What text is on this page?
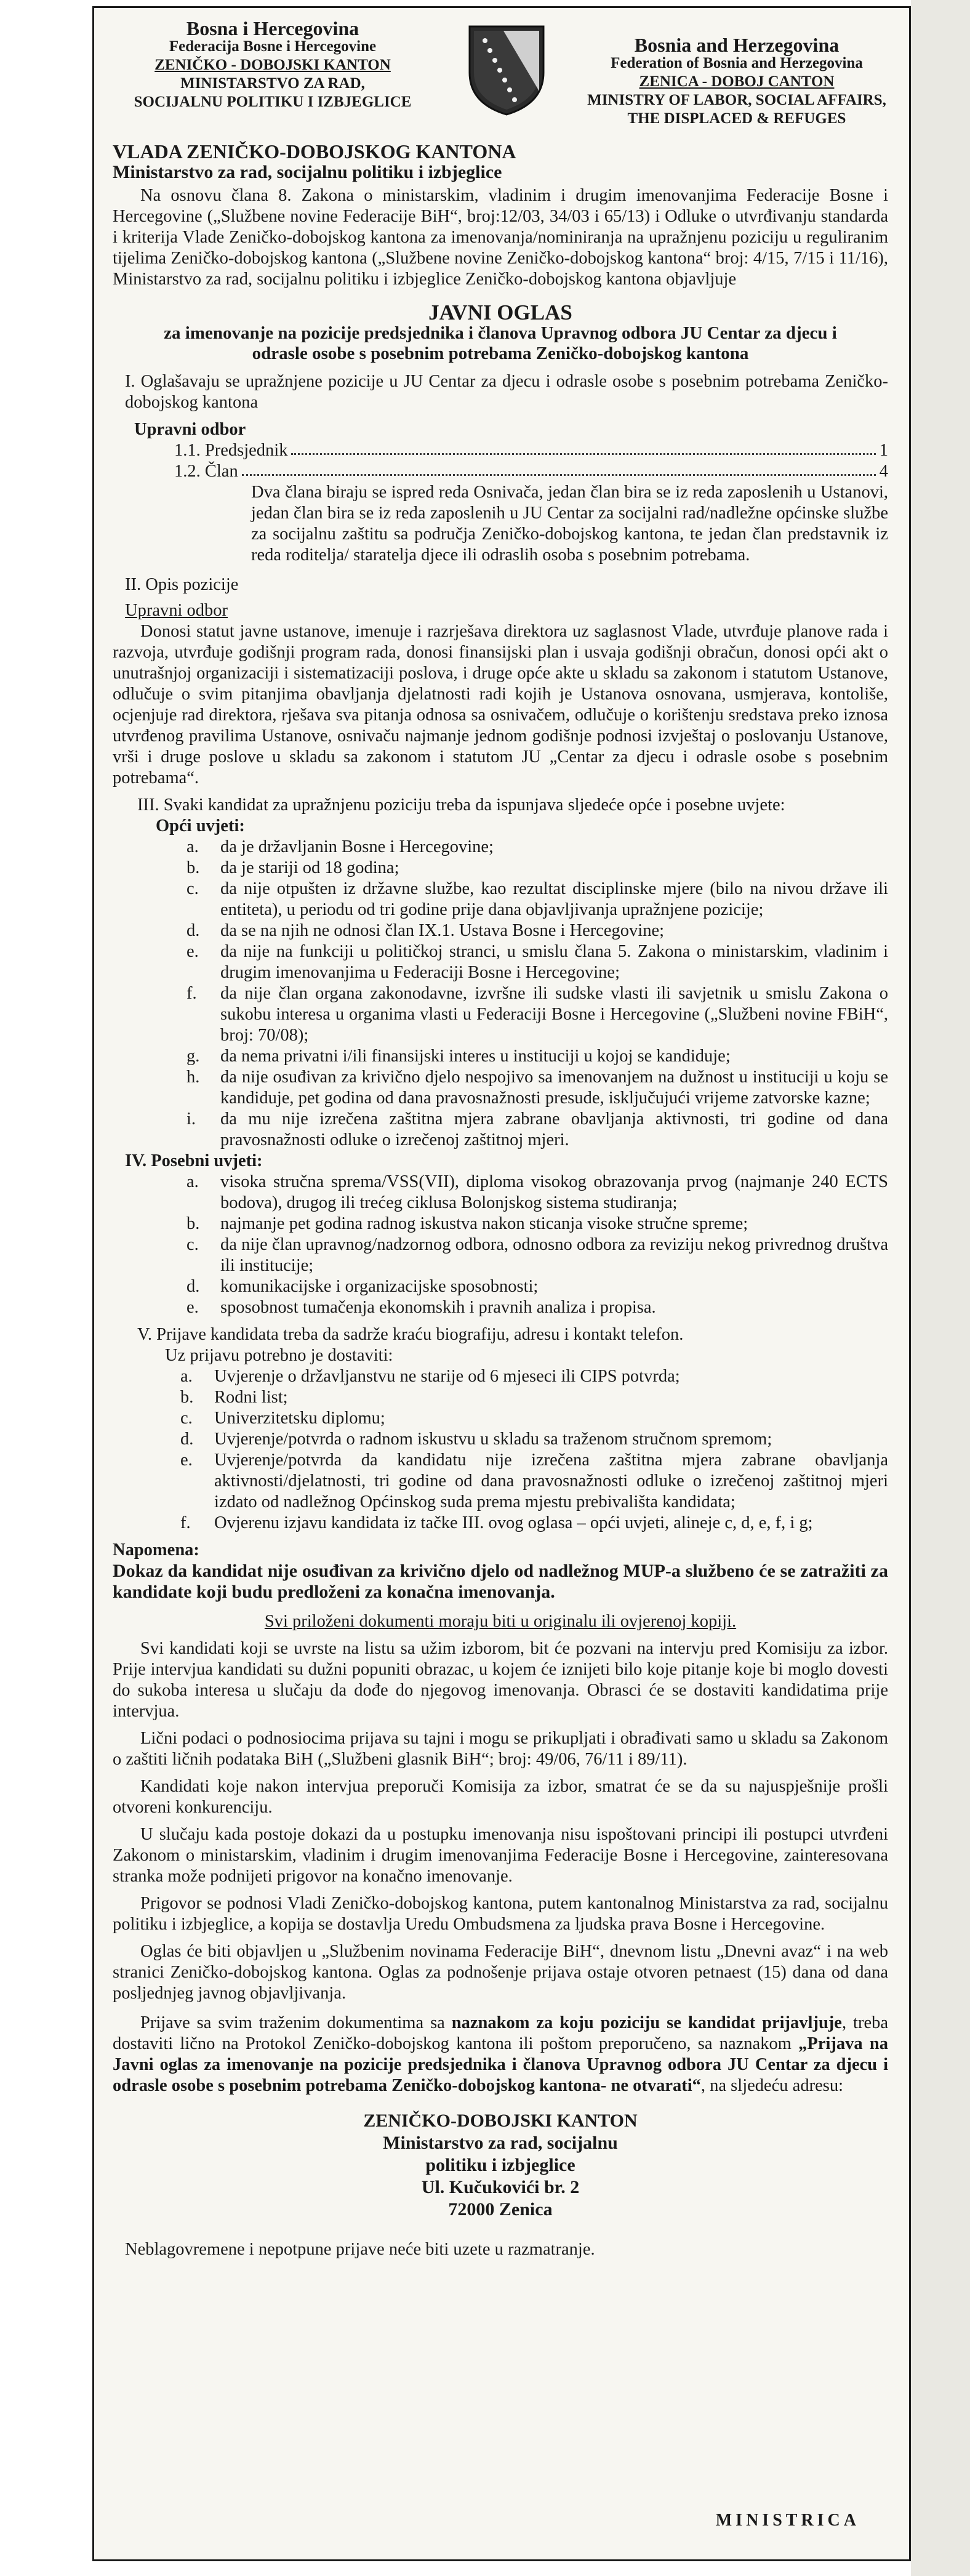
Bosna i Hercegovina
Federacija Bosne i Hercegovine
ZENIČKO - DOBOJSKI KANTON
MINISTARSTVO ZA RAD,
SOCIJALNU POLITIKU I IZBJEGLICE
Bosnia and Herzegovina
Federation of Bosnia and Herzegovina
ZENICA - DOBOJ CANTON
MINISTRY OF LABOR, SOCIAL AFFAIRS,
THE DISPLACED & REFUGES

VLADA ZENIČKO-DOBOJSKOG KANTONA

Ministarstvo za rad, socijalnu politiku i izbjeglice

Na osnovu člana 8. Zakona o ministarskim, vladinim i drugim imenovanjima Federacije Bosne i Hercegovine („Službene novine Federacije BiH“, broj:12/03, 34/03 i 65/13) i Odluke o utvrđivanju standarda i kriterija Vlade Zeničko-dobojskog kantona za imenovanja/nominiranja na upražnjenu poziciju u reguliranim tijelima Zeničko-dobojskog kantona („Službene novine Zeničko-dobojskog kantona“ broj: 4/15, 7/15 i 11/16), Ministarstvo za rad, socijalnu politiku i izbjeglice Zeničko-dobojskog kantona objavljuje

JAVNI OGLAS

za imenovanje na pozicije predsjednika i članova Upravnog odbora JU Centar za djecu i odrasle osobe s posebnim potrebama Zeničko-dobojskog kantona

I. Oglašavaju se upražnjene pozicije u JU Centar za djecu i odrasle osobe s posebnim potrebama Zeničko-dobojskog kantona

Upravni odbor

1.1. Predsjednik	1
1.2. Član	4

Dva člana biraju se ispred reda Osnivača, jedan član bira se iz reda zaposlenih u Ustanovi, jedan član bira se iz reda zaposlenih u JU Centar za socijalni rad/nadležne općinske službe za socijalnu zaštitu sa područja Zeničko-dobojskog kantona, te jedan član predstavnik iz reda roditelja/ staratelja djece ili odraslih osoba s posebnim potrebama.

II. Opis pozicije

Upravni odbor

Donosi statut javne ustanove, imenuje i razrješava direktora uz saglasnost Vlade, utvrđuje planove rada i razvoja, utvrđuje godišnji program rada, donosi finansijski plan i usvaja godišnji obračun, donosi opći akt o unutrašnjoj organizaciji i sistematizaciji poslova, i druge opće akte u skladu sa zakonom i statutom Ustanove, odlučuje o svim pitanjima obavljanja djelatnosti radi kojih je Ustanova osnovana, usmjerava, kontoliše, ocjenjuje rad direktora, rješava sva pitanja odnosa sa osnivačem, odlučuje o korištenju sredstava preko iznosa utvrđenog pravilima Ustanove, osnivaču najmanje jednom godišnje podnosi izvještaj o poslovanju Ustanove, vrši i druge poslove u skladu sa zakonom i statutom JU „Centar za djecu i odrasle osobe s posebnim potrebama“.

III. Svaki kandidat za upražnjenu poziciju treba da ispunjava sljedeće opće i posebne uvjete:

Opći uvjeti:

a.	da je državljanin Bosne i Hercegovine;
b.	da je stariji od 18 godina;
c.	da nije otpušten iz državne službe, kao rezultat disciplinske mjere (bilo na nivou države ili entiteta), u periodu od tri godine prije dana objavljivanja upražnjene pozicije;
d.	da se na njih ne odnosi član IX.1. Ustava Bosne i Hercegovine;
e.	da nije na funkciji u političkoj stranci, u smislu člana 5. Zakona o ministarskim, vladinim i drugim imenovanjima u Federaciji Bosne i Hercegovine;
f.	da nije član organa zakonodavne, izvršne ili sudske vlasti ili savjetnik u smislu Zakona o sukobu interesa u organima vlasti u Federaciji Bosne i Hercegovine („Službeni novine FBiH“, broj: 70/08);
g.	da nema privatni i/ili finansijski interes u instituciji u kojoj se kandiduje;
h.	da nije osuđivan za krivično djelo nespojivo sa imenovanjem na dužnost u instituciji u koju se kandiduje, pet godina od dana pravosnažnosti presude, isključujući vrijeme zatvorske kazne;
i.	da mu nije izrečena zaštitna mjera zabrane obavljanja aktivnosti, tri godine od dana pravosnažnosti odluke o izrečenoj zaštitnoj mjeri.

IV. Posebni uvjeti:

a.	visoka stručna sprema/VSS(VII), diploma visokog obrazovanja prvog (najmanje 240 ECTS bodova), drugog ili trećeg ciklusa Bolonjskog sistema studiranja;
b.	najmanje pet godina radnog iskustva nakon sticanja visoke stručne spreme;
c.	da nije član upravnog/nadzornog odbora, odnosno odbora za reviziju nekog privrednog društva ili institucije;
d.	komunikacijske i organizacijske sposobnosti;
e.	sposobnost tumačenja ekonomskih i pravnih analiza i propisa.

V. Prijave kandidata treba da sadrže kraću biografiju, adresu i kontakt telefon.

Uz prijavu potrebno je dostaviti:

a.	Uvjerenje o državljanstvu ne starije od 6 mjeseci ili CIPS potvrda;
b.	Rodni list;
c.	Univerzitetsku diplomu;
d.	Uvjerenje/potvrda o radnom iskustvu u skladu sa traženom stručnom spremom;
e.	Uvjerenje/potvrda da kandidatu nije izrečena zaštitna mjera zabrane obavljanja aktivnosti/djelatnosti, tri godine od dana pravosnažnosti odluke o izrečenoj zaštitnoj mjeri izdato od nadležnog Općinskog suda prema mjestu prebivališta kandidata;
f.	Ovjerenu izjavu kandidata iz tačke III. ovog oglasa – opći uvjeti, alineje c, d, e, f, i g;

Napomena:

Dokaz da kandidat nije osuđivan za krivično djelo od nadležnog MUP-a službeno će se zatražiti za kandidate koji budu predloženi za konačna imenovanja.

Svi priloženi dokumenti moraju biti u originalu ili ovjerenoj kopiji.

Svi kandidati koji se uvrste na listu sa užim izborom, bit će pozvani na intervju pred Komisiju za izbor. Prije intervjua kandidati su dužni popuniti obrazac, u kojem će iznijeti bilo koje pitanje koje bi moglo dovesti do sukoba interesa u slučaju da dođe do njegovog imenovanja. Obrasci će se dostaviti kandidatima prije intervjua.

Lični podaci o podnosiocima prijava su tajni i mogu se prikupljati i obrađivati samo u skladu sa Zakonom o zaštiti ličnih podataka BiH („Službeni glasnik BiH“; broj: 49/06, 76/11 i 89/11).

Kandidati koje nakon intervjua preporuči Komisija za izbor, smatrat će se da su najuspješnije prošli otvoreni konkurenciju.

U slučaju kada postoje dokazi da u postupku imenovanja nisu ispoštovani principi ili postupci utvrđeni Zakonom o ministarskim, vladinim i drugim imenovanjima Federacije Bosne i Hercegovine, zainteresovana stranka može podnijeti prigovor na konačno imenovanje.

Prigovor se podnosi Vladi Zeničko-dobojskog kantona, putem kantonalnog Ministarstva za rad, socijalnu politiku i izbjeglice, a kopija se dostavlja Uredu Ombudsmena za ljudska prava Bosne i Hercegovine.

Oglas će biti objavljen u „Službenim novinama Federacije BiH“, dnevnom listu „Dnevni avaz“ i na web stranici Zeničko-dobojskog kantona. Oglas za podnošenje prijava ostaje otvoren petnaest (15) dana od dana posljednjeg javnog objavljivanja.

Prijave sa svim traženim dokumentima sa naznakom za koju poziciju se kandidat prijavljuje, treba dostaviti lično na Protokol Zeničko-dobojskog kantona ili poštom preporučeno, sa naznakom „Prijava na Javni oglas za imenovanje na pozicije predsjednika i članova Upravnog odbora JU Centar za djecu i odrasle osobe s posebnim potrebama Zeničko-dobojskog kantona- ne otvarati“, na sljedeću adresu:

ZENIČKO-DOBOJSKI KANTON
Ministarstvo za rad, socijalnu
politiku i izbjeglice
Ul. Kučukovići br. 2
72000 Zenica

Neblagovremene i nepotpune prijave neće biti uzete u razmatranje.

MINISTRICA
